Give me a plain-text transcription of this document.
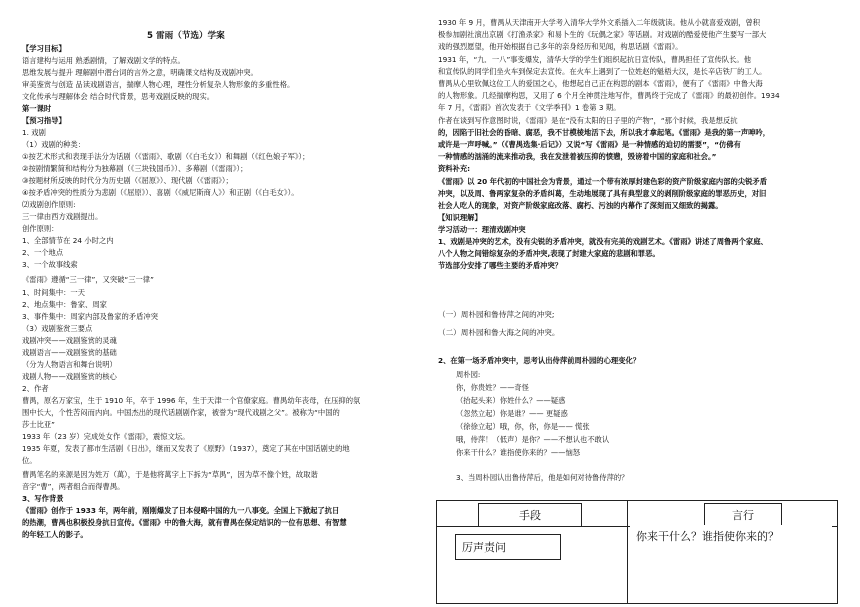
5 雷雨（节选）学案
【学习目标】
语言建构与运用 熟悉剧情，了解戏剧文学的特点。
思维发展与提升 理解剧中潜台词的言外之意，明确课文结构及戏剧冲突。
审美鉴赏与创造 品读戏剧语言，揣摩人物心理，理性分析复杂人物形象的多重性格。
文化传承与理解体会 结合时代背景，思考戏剧反映的现实。
第一课时
【预习指导】
1. 戏剧
（1）戏剧的种类：
①按艺术形式和表现手法分为话剧（《雷雨》、歌剧（《白毛女》）和舞剧（《红色娘子军》）；
②按剧情繁简和结构分为独幕剧（《三块钱国币》）、多幕剧（《雷雨》）；
③按题材所反映的时代分为历史剧（《屈原》）、现代剧（《雷雨》）；
④按矛盾冲突的性质分为悲剧（《屈原》）、喜剧（《威尼斯商人》）和正剧（《白毛女》）。
⑵戏剧创作原则:
三一律由西方戏剧提出。
创作原则：
1、全部情节在 24 小时之内
2、一个地点
3、一个故事线索
《雷雨》遵循“三一律”，又突破“三一律”
1、时间集中：一天
2、地点集中：鲁家、周家
3、事件集中：周家内部及鲁家的矛盾冲突
（3）戏剧鉴赏三要点
戏剧冲突——戏剧鉴赏的灵魂
戏剧语言——戏剧鉴赏的基础
（分为人物语言和舞台说明）
戏剧人物——戏剧鉴赏的核心
2、作者
曹禺，原名万家宝，生于 1910 年，卒于 1996 年，生于天津一个官僚家庭。曹禺幼年丧母，在压抑的氛
围中长大，个性苦闷而内向。中国杰出的现代话剧剧作家，被誉为“现代戏剧之父”。被称为“中国的
莎士比亚”
1933 年（23 岁）完成处女作《雷雨》，震惊文坛。
1935 年夏，发表了都市生活剧《日出》，继而又发表了《原野》（1937），奠定了其在中国话剧史的地
位。
曹禺笔名的来源是因为姓万（萬），于是他将萬字上下拆为“草禺”，因为草不像个姓，故取谐
音字“曹”，两者组合而得曹禺。
3、写作背景
《雷雨》创作于 1933 年，两年前，刚刚爆发了日本侵略中国的九一八事变。全国上下掀起了抗日
的热潮，曹禺也积极投身抗日宣传。《雷雨》中的鲁大海，就有曹禺在保定结识的一位有思想、有智慧
的年轻工人的影子。
1930 年 9 月，曹禺从天津南开大学考入清华大学外文系插入二年级就读。他从小就喜爱戏剧，曾积
极参加剧社演出京剧《打渔杀家》和易卜生的《玩偶之家》等话剧。对戏剧的酷爱使他产生要写一部大
戏的强烈愿望，他开始根据自己多年的亲身经历和见闻，构思话剧《雷雨》。
1931 年，“九．一八”事变爆发，清华大学的学生们组织起抗日宣传队，曹禺担任了宣传队长。他
和宣传队的同学们坐火车到保定去宣传。在火车上遇到了一位姓赵的魁梧大汉，是长辛店铁厂的工人。
曹禺从心里钦佩这位工人的爱国之心，他想起自己正在构思的剧本《雷雨》，便有了《雷雨》中鲁大海
的人物形象。几经揣摩构思，又用了 6 个月全神贯注地写作，曹禺终于完成了《雷雨》的最初创作。1934
年 7 月，《雷雨》首次发表于《文学季刊》1 卷第 3 期。
作者在谈到写作意图时说，《雷雨》是在“没有太阳的日子里的产物”，“那个时候，我是想反抗
的，因陷于旧社会的昏暗、腐恶，我不甘模棱地活下去，所以我才拿起笔。《雷雨》是我的第一声呻吟，
或许是一声呼喊。”（《曹禺选集·后记》）又说“写《雷雨》是一种情感的迫切的需要”，“仿佛有
一种情感的汹涌的流来推动我，我在发泄着被压抑的愤懑，毁谤着中国的家庭和社会。”
资料补充:
《雷雨》以 20 年代初的中国社会为背景，通过一个带有浓厚封建色彩的资产阶级家庭内部的尖锐矛盾
冲突，以及周、鲁两家复杂的矛盾纠葛，生动地展现了具有典型意义的剥削阶级家庭的罪恶历史，对旧
社会人吃人的现象，对资产阶级家庭改落、腐朽、污浊的内幕作了深刻而又细致的揭露。
【知识理解】
学习活动一：理清戏剧冲突
1、戏剧是冲突的艺术，没有尖锐的矛盾冲突，就没有完美的戏剧艺术。《雷雨》讲述了周鲁两个家庭、
八个人物之间错综复杂的矛盾冲突,表现了封建大家庭的悲剧和罪恶。
节选部分安排了哪些主要的矛盾冲突？
（一）周朴园和鲁侍萍之间的冲突;
（二）周朴园和鲁大海之间的冲突。
2、在第一场矛盾冲突中，思考认出侍萍前周朴园的心理变化？
周朴园:
你，你贵姓？——奇怪
（抬起头来）你姓什么？——疑惑
（忽然立起）你是谁？—— 更疑惑
（徐徐立起）哦，你，你，你是—— 慌张
哦，侍萍！（低声）是你？——不想认也不敢认
你来干什么？谁指使你来的？——恼怒
3、当周朴园认出鲁侍萍后，他是如何对待鲁侍萍的？
手段	言行
厉声责问
你来干什么？谁指使你来的？
